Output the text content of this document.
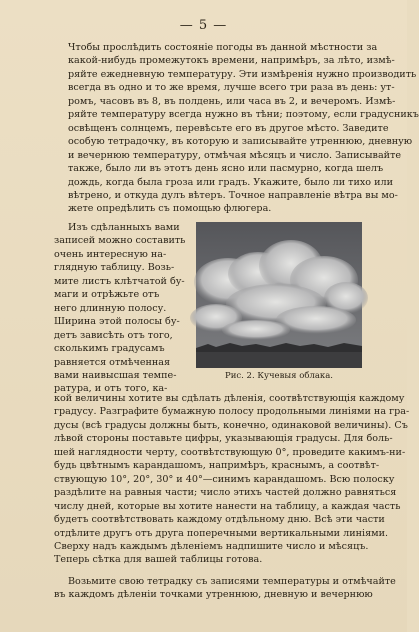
— 5 —
Чтобы прослѣдить состоянiе погоды въ данной мѣстности за
какой-нибудь промежутокъ времени, напримѣръ, за лѣто, измѣ-
ряйте ежедневную температуру. Эти измѣренiя нужно производить
всегда въ одно и то же время, лучше всего три раза въ день: ут-
ромъ, часовъ въ 8, въ полдень, или часа въ 2, и вечеромъ. Измѣ-
ряйте температуру всегда нужно въ тѣни; поэтому, если градусникъ
освѣщенъ солнцемъ, перевѣсьте его въ другое мѣсто. Заведите
особую тетрадочку, въ которую и записывайте утреннюю, дневную
и вечернюю температуру, отмѣчая мѣсяцъ и число. Записывайте
также, было ли въ этотъ день ясно или пасмурно, когда шелъ
дождь, когда была гроза или градъ. Укажите, было ли тихо или
вѣтрено, и откуда дулъ вѣтеръ. Точное направленiе вѣтра вы мо-
жете опредѣлить съ помощью флюгера.
Изъ сдѣланныхъ вами
записей можно составить
очень интересную на-
глядную таблицу. Возь-
мите листъ клѣтчатой бу-
маги и отрѣжьте отъ
него длинную полосу.
Ширина этой полосы бу-
детъ зависѣть отъ того,
сколькимъ градусамъ
равняется отмѣченная
вами наивысшая темпе-
ратура, и отъ того, ка-
Рис. 2. Кучевыя облака.
кой величины хотите вы сдѣлать дѣленiя, соотвѣтствующiя каждому
градусу. Разграфите бумажную полосу продольными линiями на гра-
дусы (всѣ градусы должны быть, конечно, одинаковой величины). Съ
лѣвой стороны поставьте цифры, указывающiя градусы. Для боль-
шей наглядности черту, соотвѣтствующую 0°, проведите какимъ-ни-
будь цвѣтнымъ карандашомъ, напримѣръ, краснымъ, а соотвѣт-
ствующую 10°, 20°, 30° и 40°—синимъ карандашомъ. Всю полоску
раздѣлите на равныя части; число этихъ частей должно равняться
числу дней, которые вы хотите нанести на таблицу, а каждая часть
будетъ соотвѣтствовать каждому отдѣльному дню. Всѣ эти части
отдѣлите другъ отъ друга поперечными вертикальными линiями.
Сверху надъ каждымъ дѣленiемъ надпишите число и мѣсяцъ.
Теперь сѣтка для вашей таблицы готова.
Возьмите свою тетрадку съ записями температуры и отмѣчайте
въ каждомъ дѣленiи точками утреннюю, дневную и вечернюю
